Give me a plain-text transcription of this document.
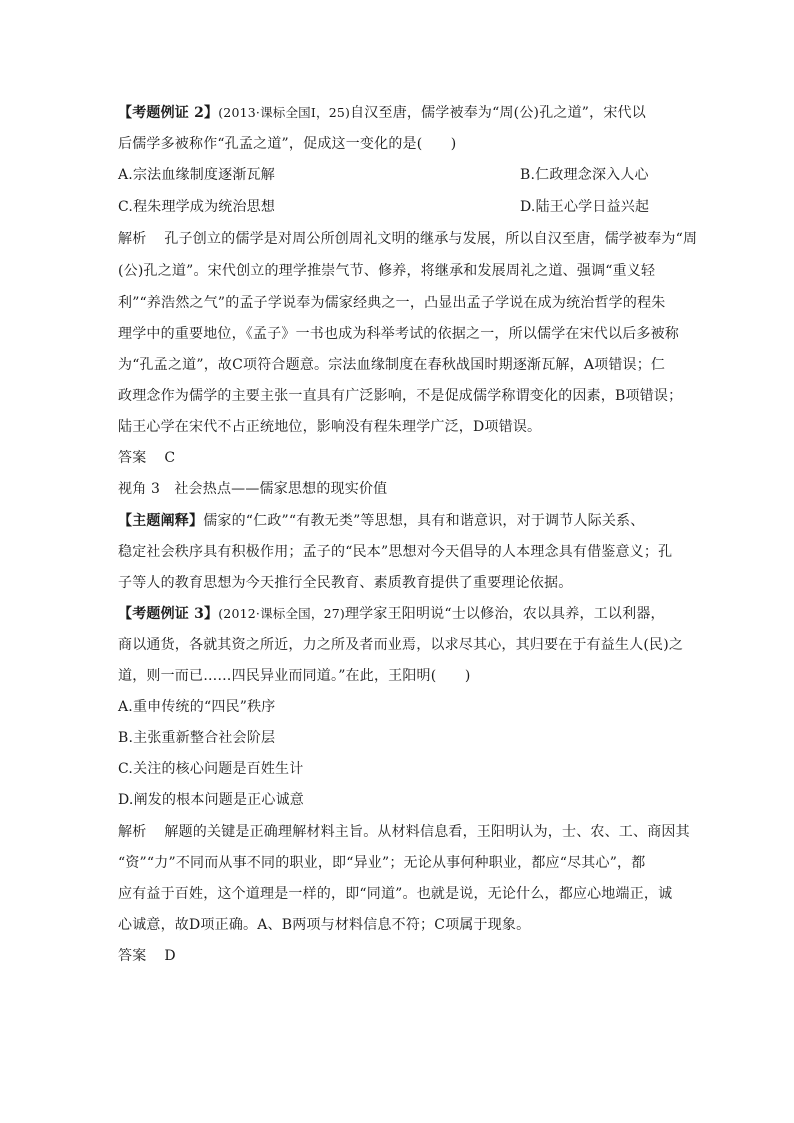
【考题例证 2】(2013·课标全国Ⅰ，25)自汉至唐，儒学被奉为“周(公)孔之道”，宋代以
后儒学多被称作“孔孟之道”，促成这一变化的是(　　)
A.宗法血缘制度逐渐瓦解	B.仁政理念深入人心
C.程朱理学成为统治思想	D.陆王心学日益兴起
解析 孔子创立的儒学是对周公所创周礼文明的继承与发展，所以自汉至唐，儒学被奉为“周
(公)孔之道”。宋代创立的理学推崇气节、修养，将继承和发展周礼之道、强调“重义轻
利”“养浩然之气”的孟子学说奉为儒家经典之一，凸显出孟子学说在成为统治哲学的程朱
理学中的重要地位，《孟子》一书也成为科举考试的依据之一，所以儒学在宋代以后多被称
为“孔孟之道”，故C项符合题意。宗法血缘制度在春秋战国时期逐渐瓦解，A项错误；仁
政理念作为儒学的主要主张一直具有广泛影响，不是促成儒学称谓变化的因素，B项错误；
陆王心学在宋代不占正统地位，影响没有程朱理学广泛，D项错误。
答案 C
视角 3　社会热点——儒家思想的现实价值
【主题阐释】儒家的“仁政”“有教无类”等思想，具有和谐意识，对于调节人际关系、
稳定社会秩序具有积极作用；孟子的“民本”思想对今天倡导的人本理念具有借鉴意义；孔
子等人的教育思想为今天推行全民教育、素质教育提供了重要理论依据。
【考题例证 3】(2012·课标全国，27)理学家王阳明说“士以修治，农以具养，工以利器，
商以通货，各就其资之所近，力之所及者而业焉，以求尽其心，其归要在于有益生人(民)之
道，则一而已……四民异业而同道。”在此，王阳明(　　)
A.重申传统的“四民”秩序
B.主张重新整合社会阶层
C.关注的核心问题是百姓生计
D.阐发的根本问题是正心诚意
解析 解题的关键是正确理解材料主旨。从材料信息看，王阳明认为，士、农、工、商因其
“资”“力”不同而从事不同的职业，即“异业”；无论从事何种职业，都应“尽其心”，都
应有益于百姓，这个道理是一样的，即“同道”。也就是说，无论什么，都应心地端正，诚
心诚意，故D项正确。A、B两项与材料信息不符；C项属于现象。
答案 D
